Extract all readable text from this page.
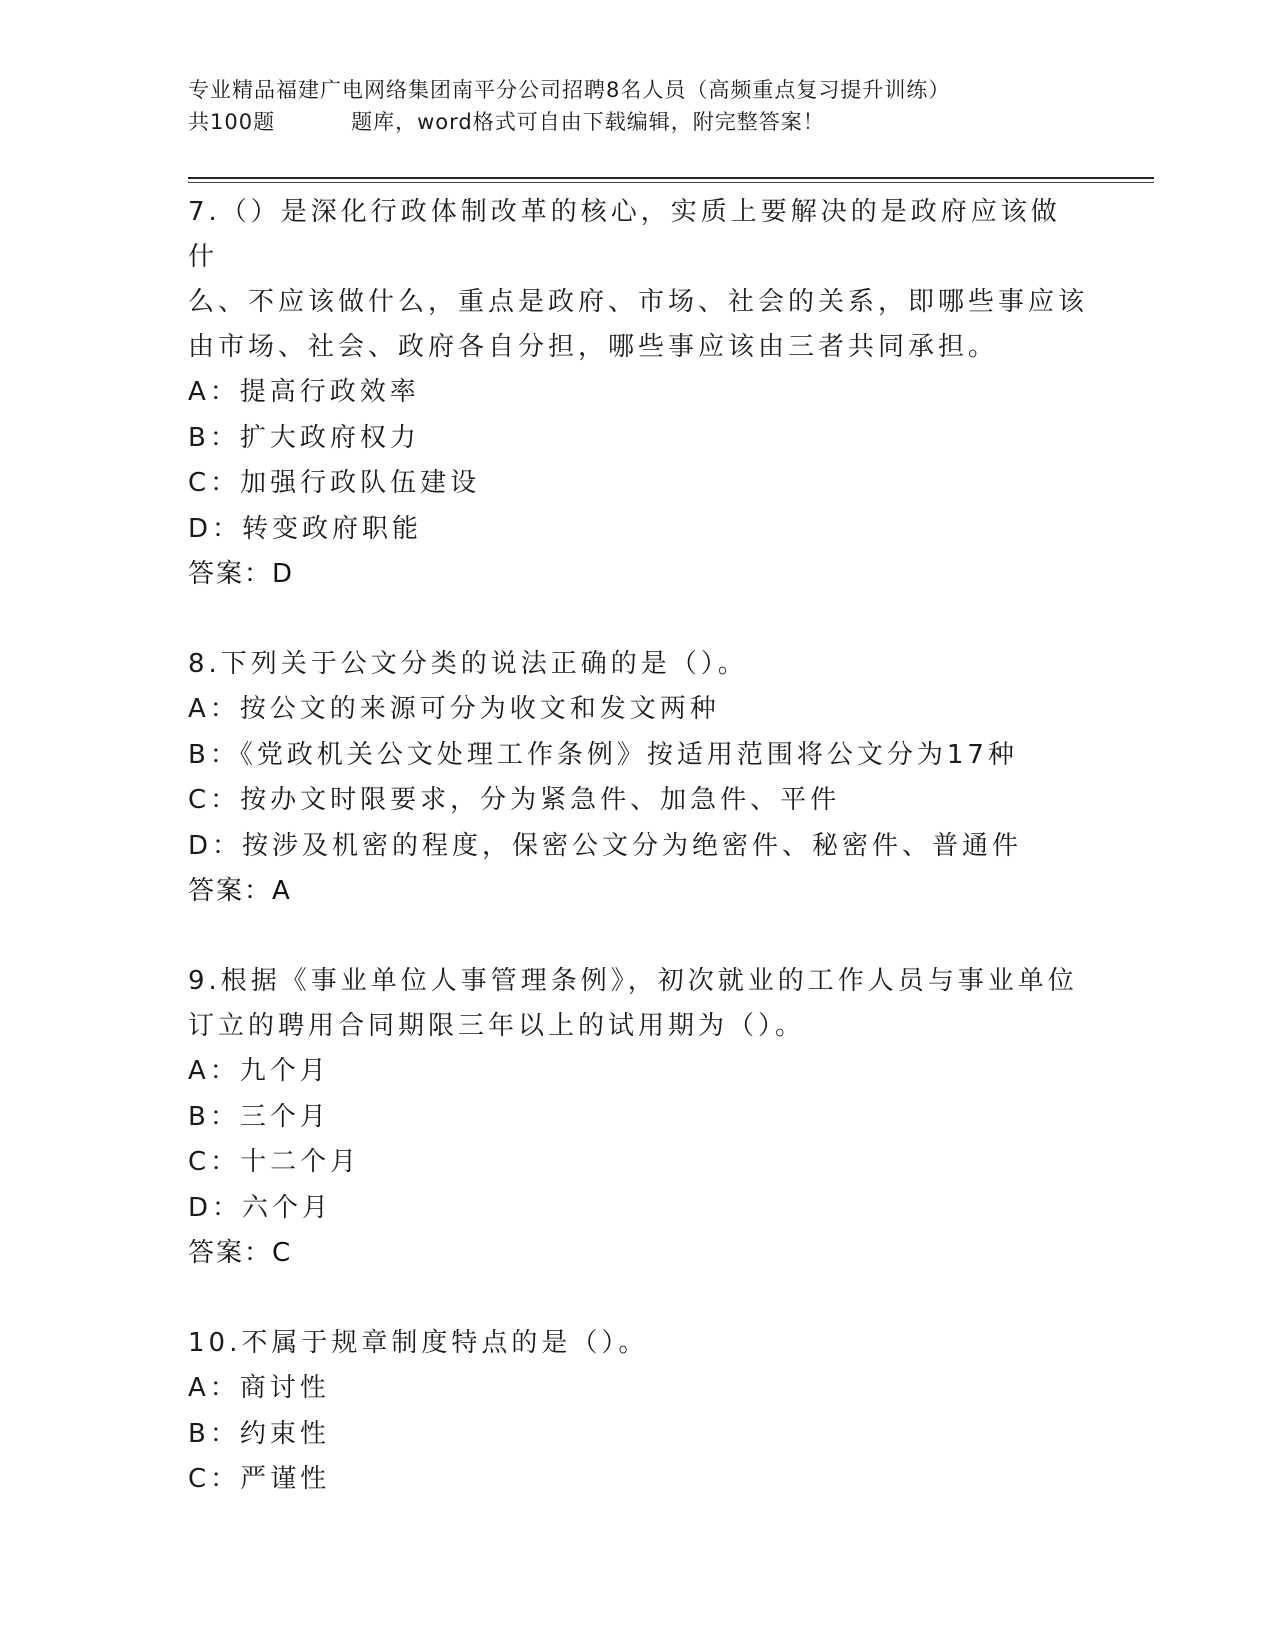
专业精品福建广电网络集团南平分公司招聘8名人员（高频重点复习提升训练）
共100题	题库，word格式可自由下载编辑，附完整答案！

7.（）是深化行政体制改革的核心，实质上要解决的是政府应该做什

么、不应该做什么，重点是政府、市场、社会的关系，即哪些事应该

由市场、社会、政府各自分担，哪些事应该由三者共同承担。

A：提高行政效率

B：扩大政府权力

C：加强行政队伍建设

D：转变政府职能

答案：D

8.下列关于公文分类的说法正确的是（）。

A：按公文的来源可分为收文和发文两种

B：《党政机关公文处理工作条例》按适用范围将公文分为17种

C：按办文时限要求，分为紧急件、加急件、平件

D：按涉及机密的程度，保密公文分为绝密件、秘密件、普通件

答案：A

9.根据《事业单位人事管理条例》，初次就业的工作人员与事业单位

订立的聘用合同期限三年以上的试用期为（）。

A：九个月

B：三个月

C：十二个月

D：六个月

答案：C

10.不属于规章制度特点的是（）。

A：商讨性

B：约束性

C：严谨性
